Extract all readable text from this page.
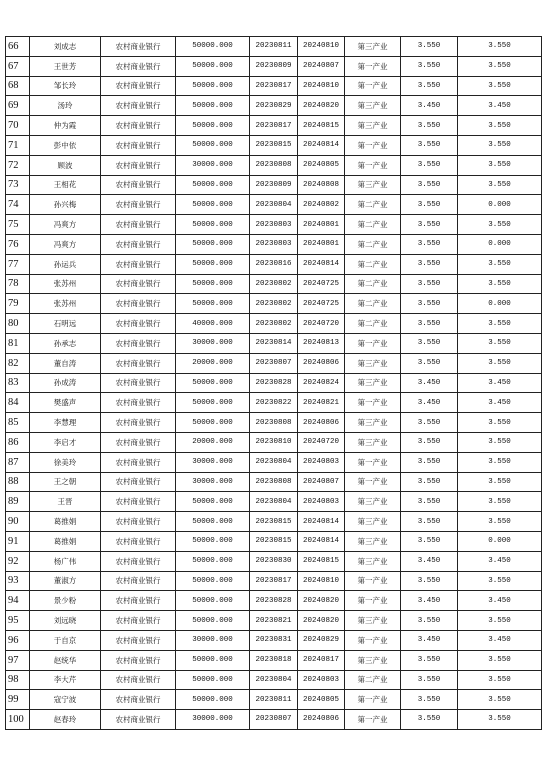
66	刘成志	农村商业银行	50000.000	20230811	20240810	第三产业	3.550	3.550
67	王世芳	农村商业银行	50000.000	20230809	20240807	第一产业	3.550	3.550
68	邹长玲	农村商业银行	50000.000	20230817	20240810	第一产业	3.550	3.550
69	汤玲	农村商业银行	50000.000	20230829	20240820	第三产业	3.450	3.450
70	仲为霞	农村商业银行	50000.000	20230817	20240815	第三产业	3.550	3.550
71	彭中依	农村商业银行	50000.000	20230815	20240814	第一产业	3.550	3.550
72	顾波	农村商业银行	30000.000	20230808	20240805	第一产业	3.550	3.550
73	王相花	农村商业银行	50000.000	20230809	20240808	第三产业	3.550	3.550
74	孙兴梅	农村商业银行	50000.000	20230804	20240802	第二产业	3.550	0.000
75	冯爽方	农村商业银行	50000.000	20230803	20240801	第二产业	3.550	3.550
76	冯爽方	农村商业银行	50000.000	20230803	20240801	第二产业	3.550	0.000
77	孙运兵	农村商业银行	50000.000	20230816	20240814	第二产业	3.550	3.550
78	张苏州	农村商业银行	50000.000	20230802	20240725	第二产业	3.550	3.550
79	张苏州	农村商业银行	50000.000	20230802	20240725	第二产业	3.550	0.000
80	石明远	农村商业银行	40000.000	20230802	20240720	第二产业	3.550	3.550
81	孙承志	农村商业银行	30000.000	20230814	20240813	第一产业	3.550	3.550
82	董自涛	农村商业银行	20000.000	20230807	20240806	第三产业	3.550	3.550
83	孙成涛	农村商业银行	50000.000	20230828	20240824	第三产业	3.450	3.450
84	樊盛声	农村商业银行	50000.000	20230822	20240821	第一产业	3.450	3.450
85	李慧理	农村商业银行	50000.000	20230808	20240806	第三产业	3.550	3.550
86	李启才	农村商业银行	20000.000	20230810	20240720	第三产业	3.550	3.550
87	徐美玲	农村商业银行	30000.000	20230804	20240803	第一产业	3.550	3.550
88	王之朝	农村商业银行	30000.000	20230808	20240807	第一产业	3.550	3.550
89	王晋	农村商业银行	50000.000	20230804	20240803	第三产业	3.550	3.550
90	葛推娟	农村商业银行	50000.000	20230815	20240814	第三产业	3.550	3.550
91	葛推娟	农村商业银行	50000.000	20230815	20240814	第三产业	3.550	0.000
92	杨广伟	农村商业银行	50000.000	20230830	20240815	第三产业	3.450	3.450
93	董淑方	农村商业银行	50000.000	20230817	20240810	第一产业	3.550	3.550
94	景少粉	农村商业银行	50000.000	20230828	20240820	第一产业	3.450	3.450
95	刘远晓	农村商业银行	50000.000	20230821	20240820	第三产业	3.550	3.550
96	于自京	农村商业银行	30000.000	20230831	20240829	第一产业	3.450	3.450
97	赵统华	农村商业银行	50000.000	20230818	20240817	第三产业	3.550	3.550
98	李大芹	农村商业银行	50000.000	20230804	20240803	第二产业	3.550	3.550
99	寇宁波	农村商业银行	50000.000	20230811	20240805	第一产业	3.550	3.550
100	赵春玲	农村商业银行	30000.000	20230807	20240806	第一产业	3.550	3.550
